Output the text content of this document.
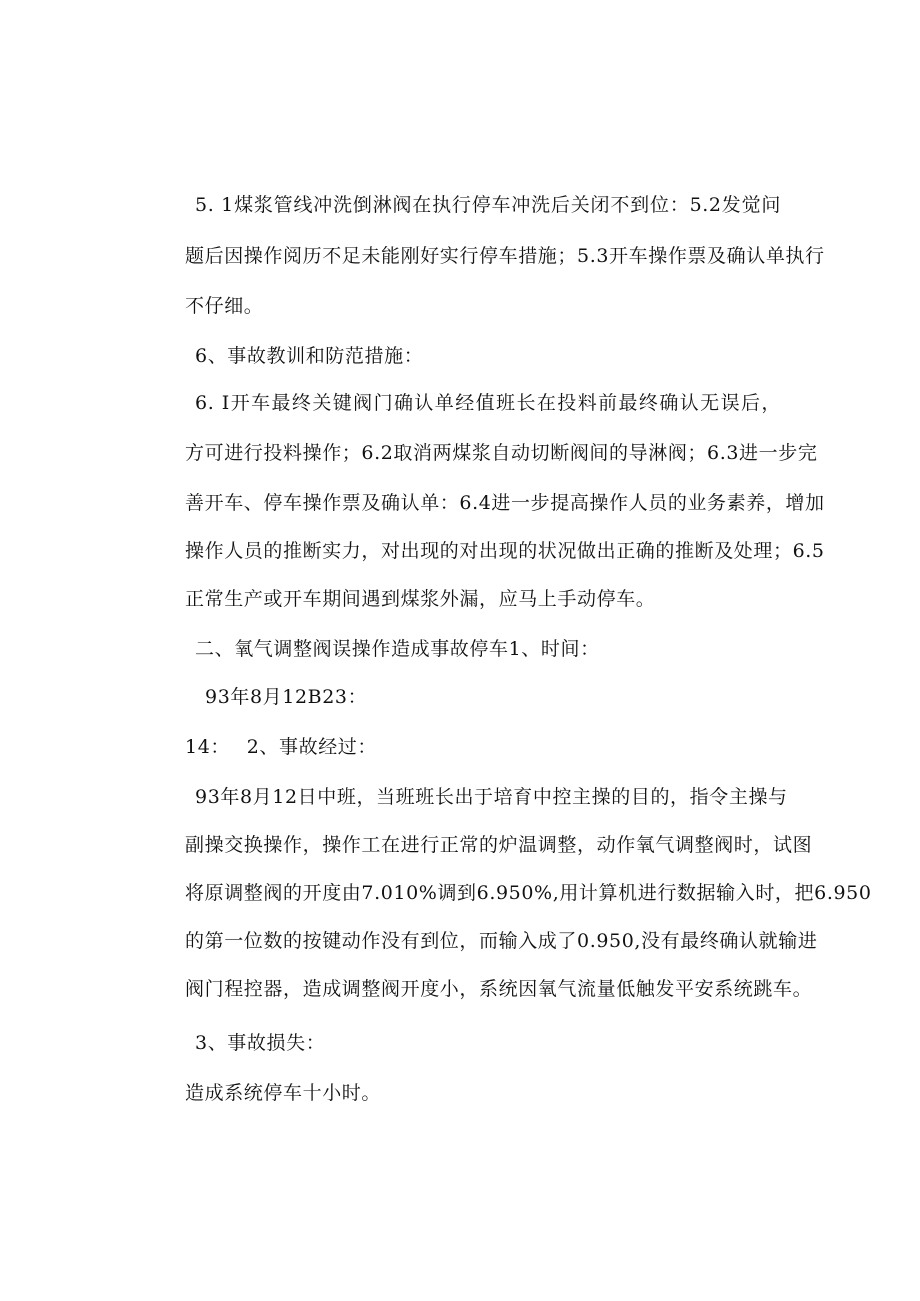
5. 1煤浆管线冲洗倒淋阀在执行停车冲洗后关闭不到位：5.2发觉问
题后因操作阅历不足未能刚好实行停车措施；5.3开车操作票及确认单执行
不仔细。
6、事故教训和防范措施：
6. I开车最终关键阀门确认单经值班长在投料前最终确认无误后，
方可进行投料操作；6.2取消两煤浆自动切断阀间的导淋阀；6.3进一步完
善开车、停车操作票及确认单：6.4进一步提高操作人员的业务素养，增加
操作人员的推断实力，对出现的对出现的状况做出正确的推断及处理；6.5
正常生产或开车期间遇到煤浆外漏，应马上手动停车。
二、氧气调整阀误操作造成事故停车1、时间：
93年8月12B23：
14：　 2、事故经过：
93年8月12日中班，当班班长出于培育中控主操的目的，指令主操与
副操交换操作，操作工在进行正常的炉温调整，动作氧气调整阀时，试图
将原调整阀的开度由7.010%调到6.950%,用计算机进行数据输入时，把6.950
的第一位数的按键动作没有到位，而输入成了0.950,没有最终确认就输进
阀门程控器，造成调整阀开度小，系统因氧气流量低触发平安系统跳车。
3、事故损失：
造成系统停车十小时。
